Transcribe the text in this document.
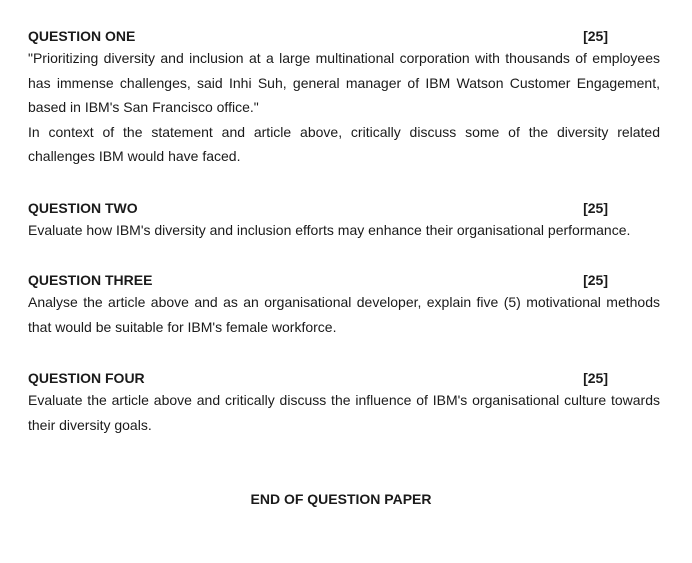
QUESTION ONE	[25]

"Prioritizing diversity and inclusion at a large multinational corporation with thousands of employees has immense challenges, said Inhi Suh, general manager of IBM Watson Customer Engagement, based in IBM's San Francisco office."

In context of the statement and article above, critically discuss some of the diversity related challenges IBM would have faced.

QUESTION TWO	[25]

Evaluate how IBM's diversity and inclusion efforts may enhance their organisational performance.

QUESTION THREE	[25]

Analyse the article above and as an organisational developer, explain five (5) motivational methods that would be suitable for IBM's female workforce.

QUESTION FOUR	[25]

Evaluate the article above and critically discuss the influence of IBM's organisational culture towards their diversity goals.

END OF QUESTION PAPER
